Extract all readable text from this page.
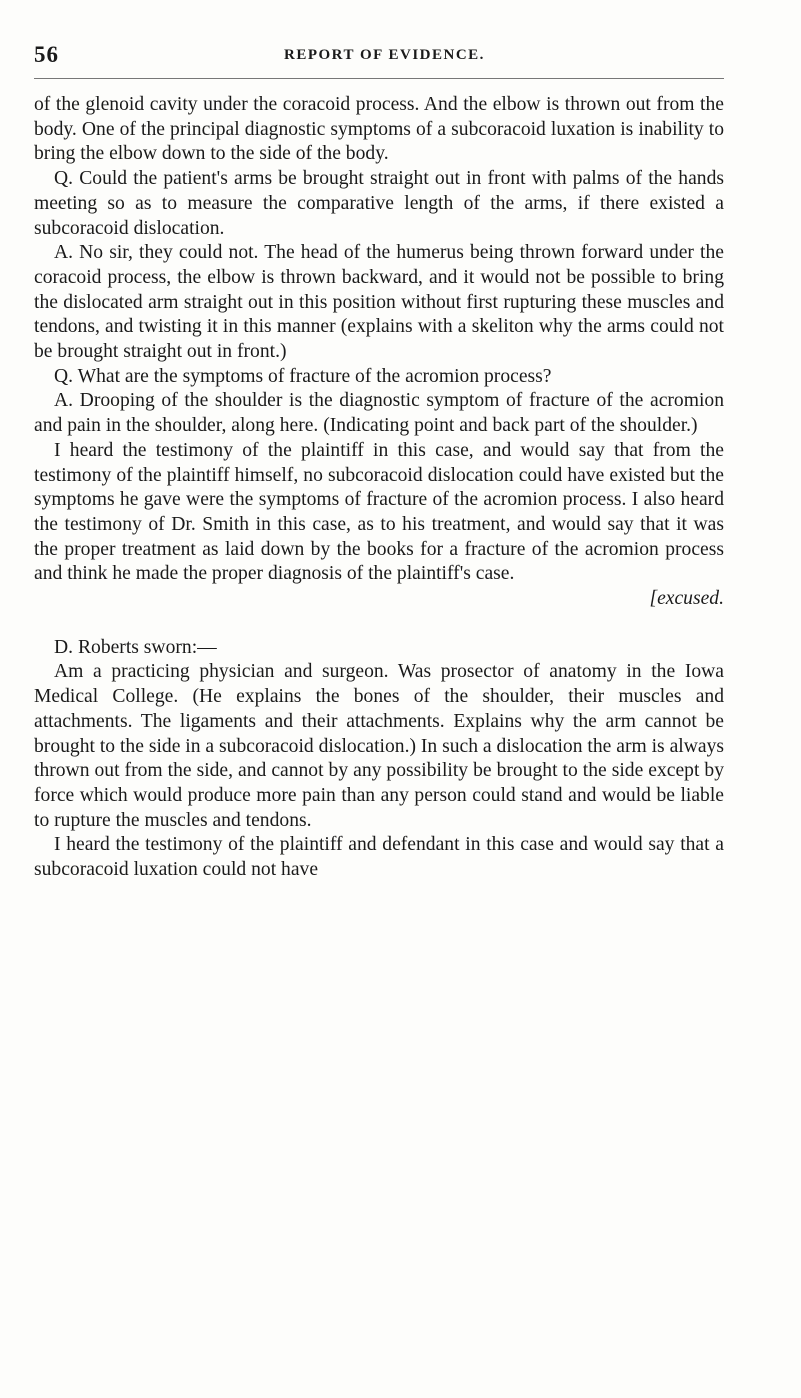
56	REPORT OF EVIDENCE.

of the glenoid cavity under the coracoid process. And the elbow is thrown out from the body. One of the principal diagnostic symptoms of a subcoracoid luxation is inability to bring the elbow down to the side of the body.

Q. Could the patient's arms be brought straight out in front with palms of the hands meeting so as to measure the comparative length of the arms, if there existed a subcoracoid dislocation.

A. No sir, they could not. The head of the humerus being thrown forward under the coracoid process, the elbow is thrown backward, and it would not be possible to bring the dislocated arm straight out in this position without first rupturing these muscles and tendons, and twisting it in this manner (explains with a skeliton why the arms could not be brought straight out in front.)

Q. What are the symptoms of fracture of the acromion process?

A. Drooping of the shoulder is the diagnostic symptom of fracture of the acromion and pain in the shoulder, along here. (Indicating point and back part of the shoulder.)

I heard the testimony of the plaintiff in this case, and would say that from the testimony of the plaintiff himself, no subcoracoid dislocation could have existed but the symptoms he gave were the symptoms of fracture of the acromion process. I also heard the testimony of Dr. Smith in this case, as to his treatment, and would say that it was the proper treatment as laid down by the books for a fracture of the acromion process and think he made the proper diagnosis of the plaintiff's case.

[excused.

D. Roberts sworn:—

Am a practicing physician and surgeon. Was prosector of anatomy in the Iowa Medical College. (He explains the bones of the shoulder, their muscles and attachments. The ligaments and their attachments. Explains why the arm cannot be brought to the side in a subcoracoid dislocation.) In such a dislocation the arm is always thrown out from the side, and cannot by any possibility be brought to the side except by force which would produce more pain than any person could stand and would be liable to rupture the muscles and tendons.

I heard the testimony of the plaintiff and defendant in this case and would say that a subcoracoid luxation could not have
